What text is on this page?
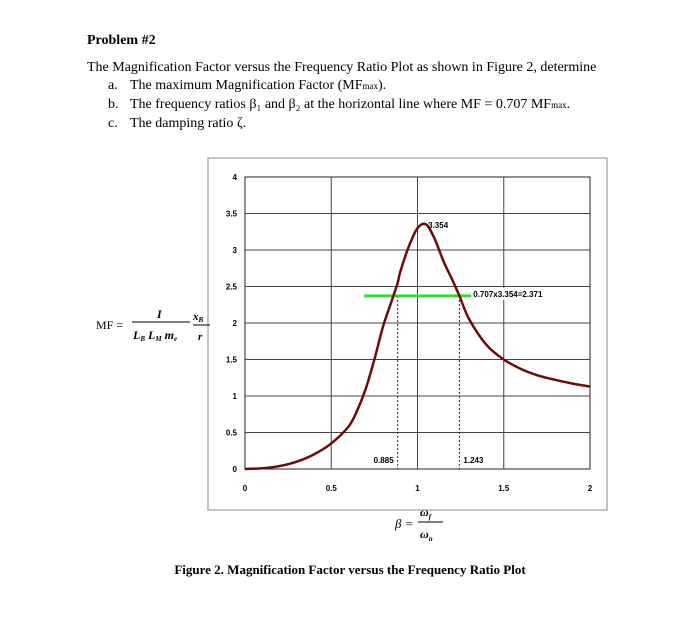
Problem #2
The Magnification Factor versus the Frequency Ratio Plot as shown in Figure 2, determine
a. The maximum Magnification Factor (MFmax).
b. The frequency ratios β₁ and β₂ at the horizontal line where MF = 0.707 MFmax.
c. The damping ratio ζ.
0.885	1.243
0
0.5
1
1.5
2
2.5
3
3.5
4
0	0.5	1	1.5	2
3.354
0.707x3.354=2.371
MF =
I
LB LM me
xB
r
β =
$\omega_f$
$\omega_n$
Figure 2. Magnification Factor versus the Frequency Ratio Plot
